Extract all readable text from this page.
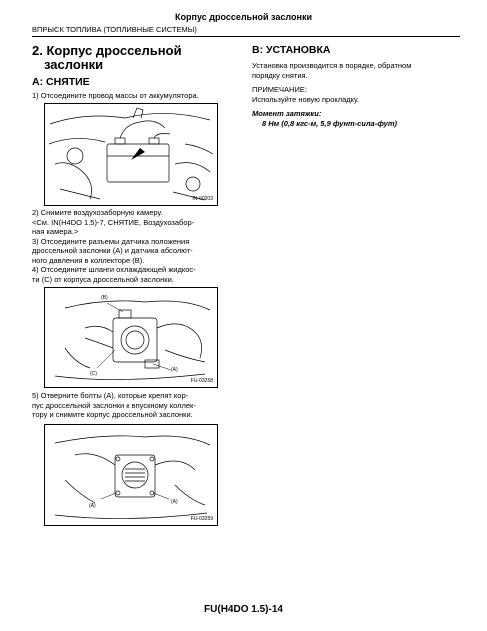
Корпус дроссельной заслонки
ВПРЫСК ТОПЛИВА (ТОПЛИВНЫЕ СИСТЕМЫ)
2. Корпус дроссельной
заслонки
A: СНЯТИЕ
1) Отсоедините провод массы от аккумулятора.
IN-00203
2) Снимите воздухозаборную камеру.
<См. IN(H4DO 1.5)-7, СНЯТИЕ, Воздухозабор-
ная камера.>
3) Отсоедините разъемы датчика положения
дроссельной заслонки (A) и датчика абсолют-
ного давления в коллекторе (B).
4) Отсоедините шланги охлаждающей жидкос-
ти (C) от корпуса дроссельной заслонки.
(B)
(C)
(A)
FU-03258
5) Отверните болты (A), которые крепят кор-
пус дроссельной заслонки к впускному коллек-
тору и снимите корпус дроссельной заслонки.
(A)
(A)
FU-03259
B: УСТАНОВКА
Установка производится в порядке, обратном
порядку снятия.
ПРИМЕЧАНИЕ:
Используйте новую прокладку.
Момент затяжки:
8 Нм (0,8 кгс-м, 5,9 фунт-сила-фут)
FU(H4DO 1.5)-14
